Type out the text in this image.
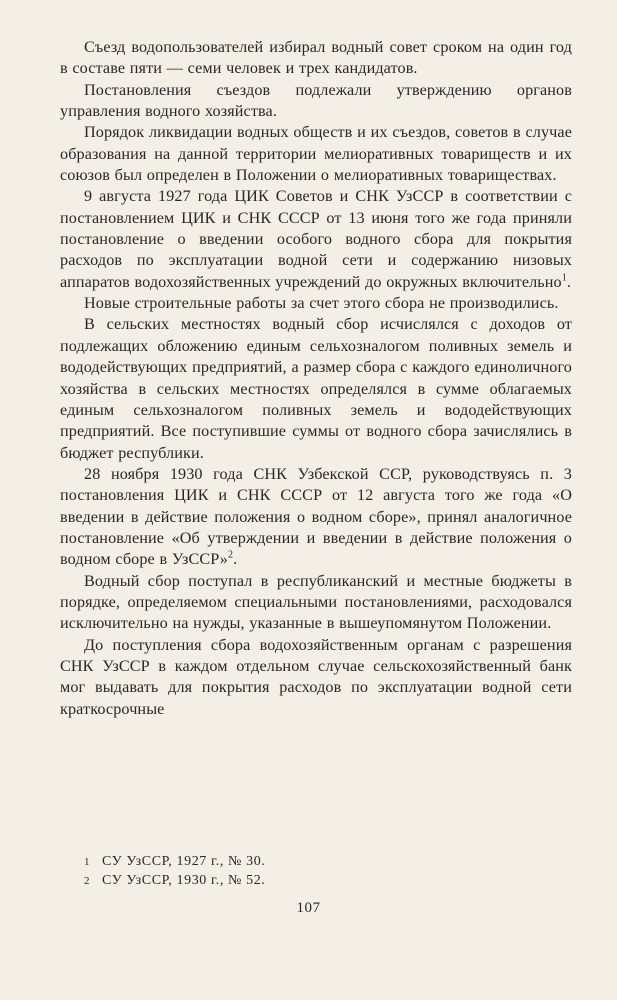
Съезд водопользователей избирал водный совет сроком на один год в составе пяти — семи человек и трех кандидатов.

Постановления съездов подлежали утверждению органов управления водного хозяйства.

Порядок ликвидации водных обществ и их съездов, советов в случае образования на данной территории мелиоративных товариществ и их союзов был определен в Положении о мелиоративных товариществах.

9 августа 1927 года ЦИК Советов и СНК УзССР в соответствии с постановлением ЦИК и СНК СССР от 13 июня того же года приняли постановление о введении особого водного сбора для покрытия расходов по эксплуатации водной сети и содержанию низовых аппаратов водохозяйственных учреждений до окружных включительно$^1$.

Новые строительные работы за счет этого сбора не производились.

В сельских местностях водный сбор исчислялся с доходов от подлежащих обложению единым сельхозналогом поливных земель и вододействующих предприятий, а размер сбора с каждого единоличного хозяйства в сельских местностях определялся в сумме облагаемых единым сельхозналогом поливных земель и вододействующих предприятий. Все поступившие суммы от водного сбора зачислялись в бюджет республики.

28 ноября 1930 года СНК Узбекской ССР, руководствуясь п. 3 постановления ЦИК и СНК СССР от 12 августа того же года «О введении в действие положения о водном сборе», принял аналогичное постановление «Об утверждении и введении в действие положения о водном сборе в УзССР»$^2$.

Водный сбор поступал в республиканский и местные бюджеты в порядке, определяемом специальными постановлениями, расходовался исключительно на нужды, указанные в вышеупомянутом Положении.

До поступления сбора водохозяйственным органам с разрешения СНК УзССР в каждом отдельном случае сельскохозяйственный банк мог выдавать для покрытия расходов по эксплуатации водной сети краткосрочные

1 СУ УзССР, 1927 г., № 30.

2 СУ УзССР, 1930 г., № 52.

107
